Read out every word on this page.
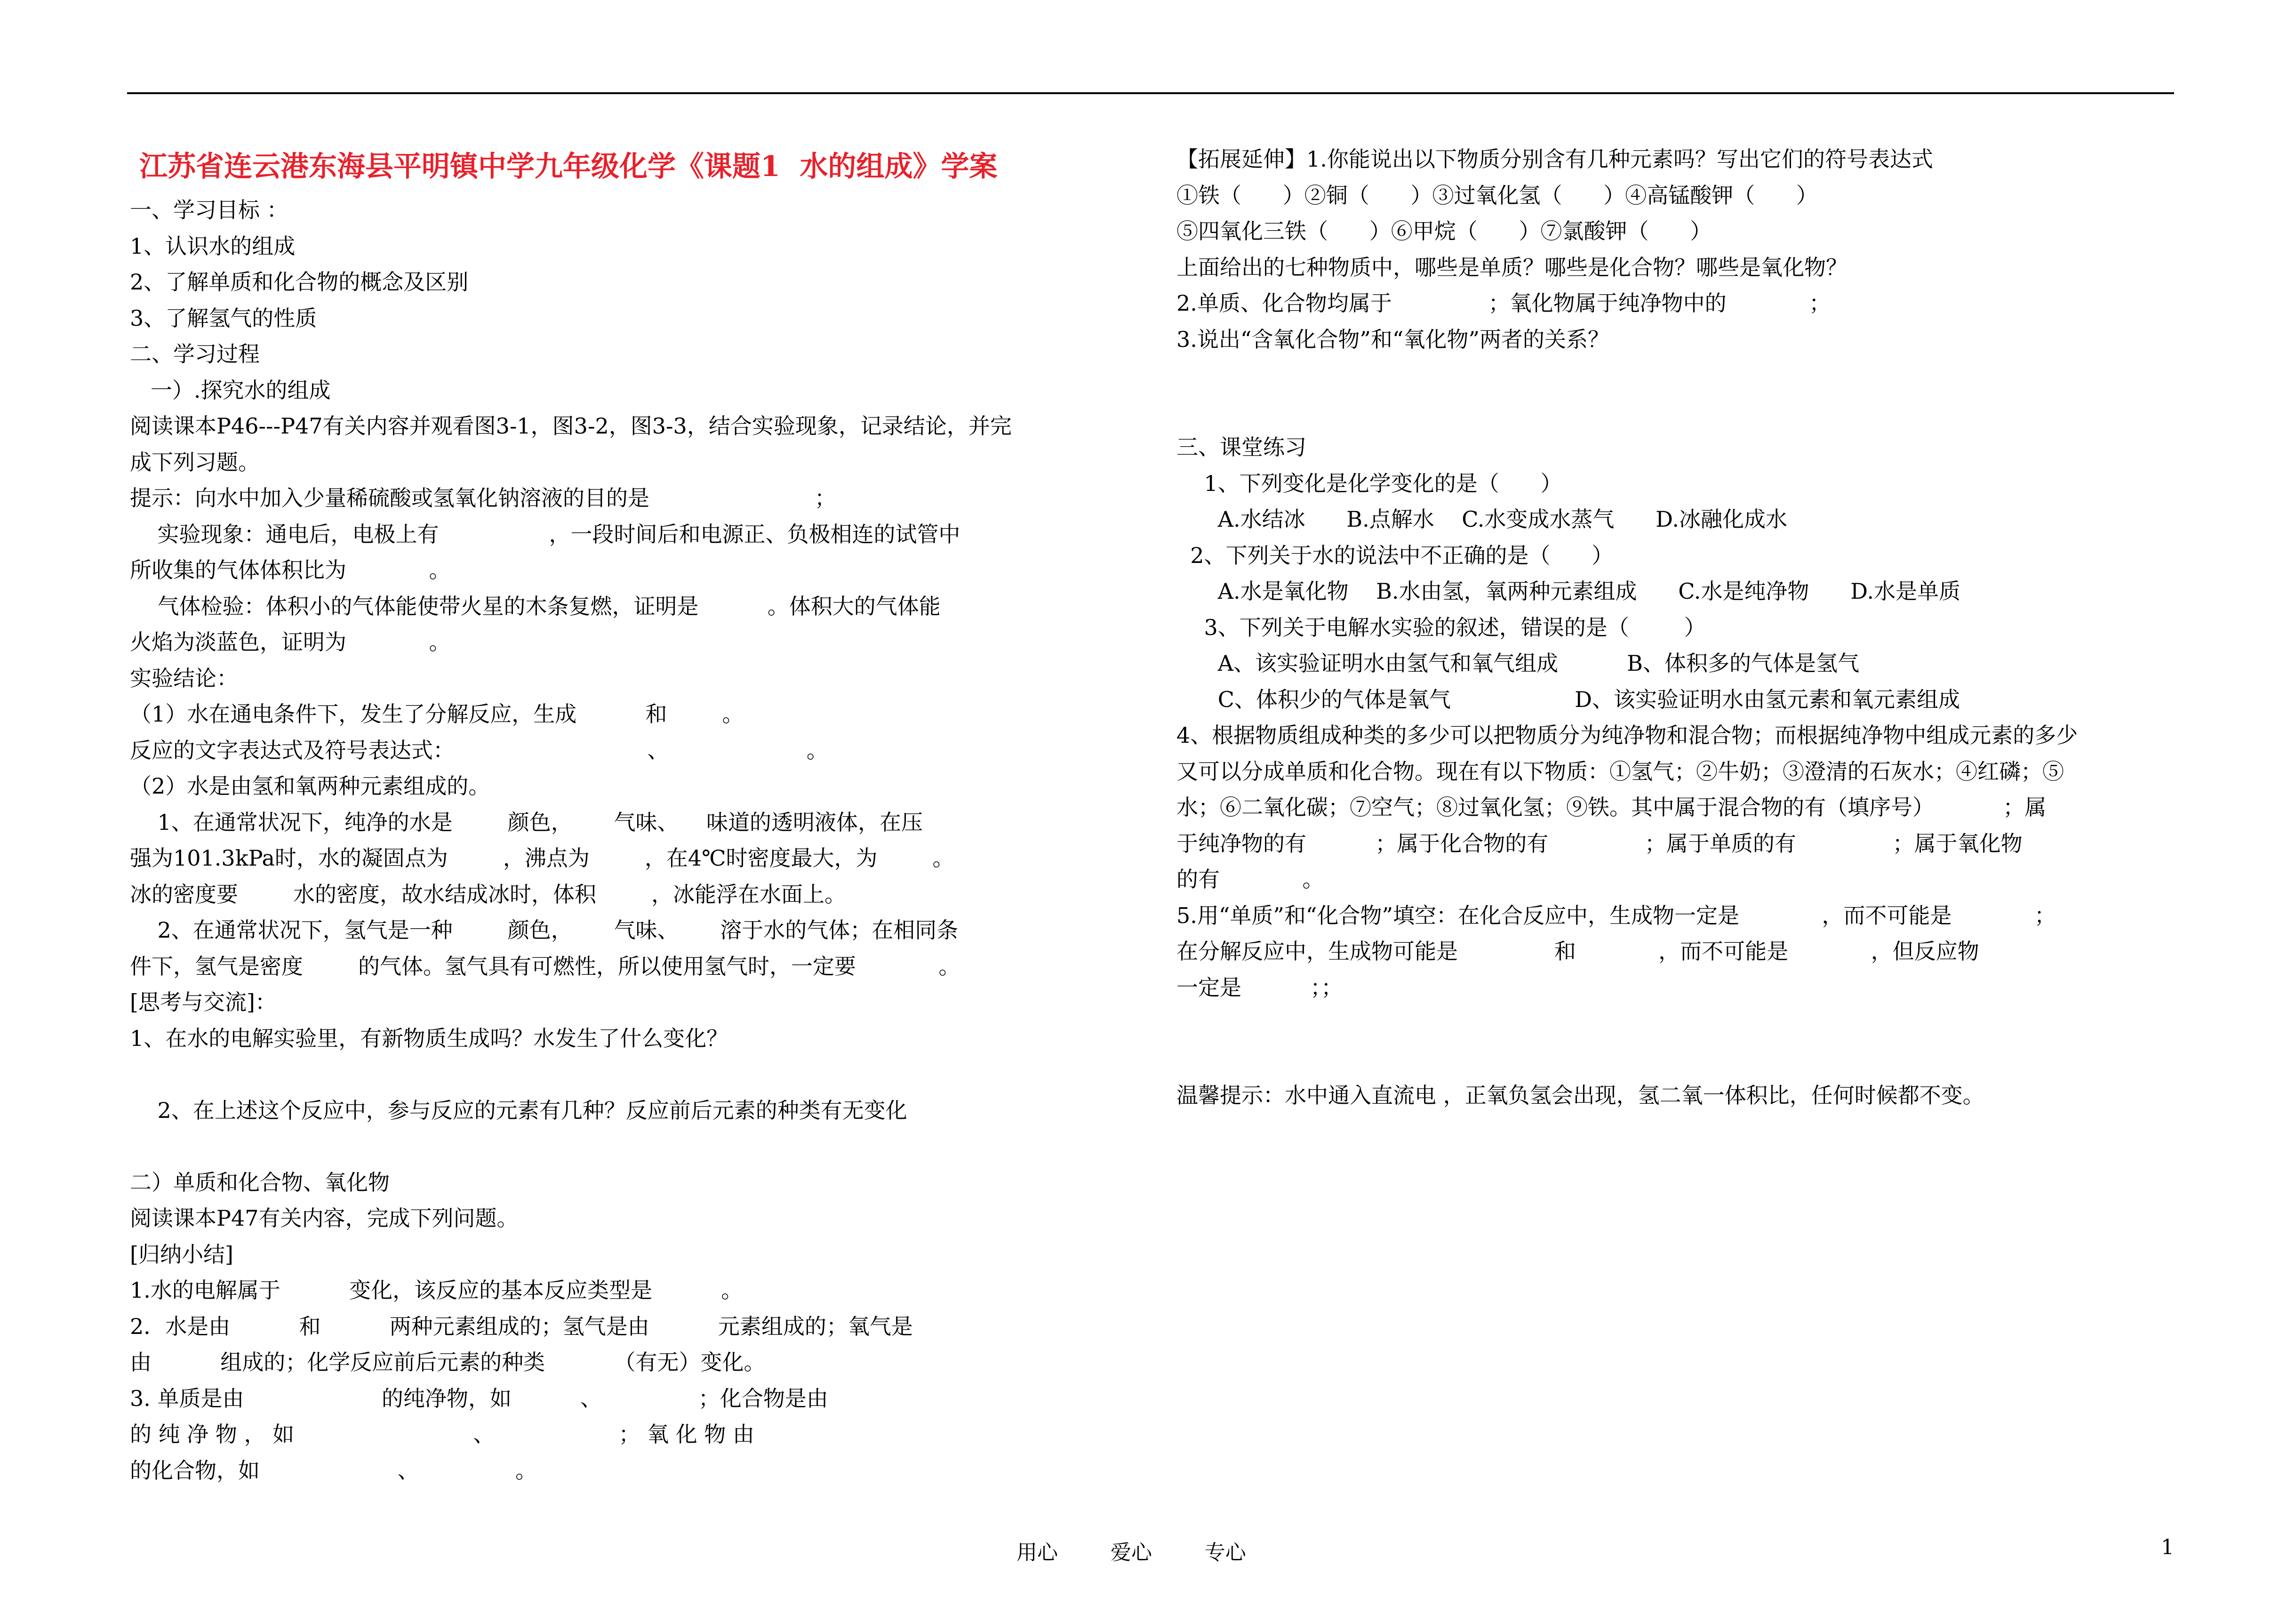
江苏省连云港东海县平明镇中学九年级化学《课题1  水的组成》学案
一、学习目标 ：
1、认识水的组成
2、了解单质和化合物的概念及区别
3、了解氢气的性质
二、学习过程
一）.探究水的组成
阅读课本P46---P47有关内容并观看图3-1，图3-2，图3-3，结合实验现象，记录结论，并完
成下列习题。
提示：向水中加入少量稀硫酸或氢氧化钠溶液的目的是                        ；
实验现象：通电后，电极上有                ，一段时间后和电源正、负极相连的试管中
所收集的气体体积比为            。
气体检验：体积小的气体能使带火星的木条复燃，证明是          。体积大的气体能
火焰为淡蓝色，证明为            。
实验结论：
（1）水在通电条件下，发生了分解反应，生成          和        。
反应的文字表达式及符号表达式：                            、                    。
（2）水是由氢和氧两种元素组成的。
1、在通常状况下，纯净的水是        颜色，      气味、    味道的透明液体，在压
强为101.3kPa时，水的凝固点为        ，沸点为        ，在4℃时密度最大，为        。
冰的密度要        水的密度，故水结成冰时，体积        ，冰能浮在水面上。
2、在通常状况下，氢气是一种        颜色，      气味、      溶于水的气体；在相同条
件下，氢气是密度        的气体。氢气具有可燃性，所以使用氢气时，一定要            。
[思考与交流]：
1、在水的电解实验里，有新物质生成吗？水发生了什么变化？
2、在上述这个反应中，参与反应的元素有几种？反应前后元素的种类有无变化
二）单质和化合物、氧化物
阅读课本P47有关内容，完成下列问题。
[归纳小结]
1.水的电解属于          变化，该反应的基本反应类型是          。
2．水是由          和          两种元素组成的；氢气是由          元素组成的；氧气是
由          组成的；化学反应前后元素的种类          （有无）变化。
3. 单质是由                    的纯净物，如          、              ；化合物是由
的 纯 净 物 ， 如                          、                  ； 氧 化 物 由
的化合物，如                    、              。
【拓展延伸】1.你能说出以下物质分别含有几种元素吗？写出它们的符号表达式
①铁（      ）②铜（      ）③过氧化氢（      ）④高锰酸钾（      ）
⑤四氧化三铁（      ）⑥甲烷（      ）⑦氯酸钾（      ）
上面给出的七种物质中，哪些是单质？哪些是化合物？哪些是氧化物？
2.单质、化合物均属于              ；氧化物属于纯净物中的            ；
3.说出“含氧化合物”和“氧化物”两者的关系？
三、课堂练习
1、下列变化是化学变化的是（      ）
A.水结冰      B.点解水    C.水变成水蒸气      D.冰融化成水
2、下列关于水的说法中不正确的是（      ）
A.水是氧化物    B.水由氢，氧两种元素组成      C.水是纯净物      D.水是单质
3、下列关于电解水实验的叙述，错误的是（        ）
A、该实验证明水由氢气和氧气组成          B、体积多的气体是氢气
C、体积少的气体是氧气                  D、该实验证明水由氢元素和氧元素组成
4、根据物质组成种类的多少可以把物质分为纯净物和混合物；而根据纯净物中组成元素的多少
又可以分成单质和化合物。现在有以下物质：①氢气；②牛奶；③澄清的石灰水；④红磷；⑤
水；⑥二氧化碳；⑦空气；⑧过氧化氢；⑨铁。其中属于混合物的有（填序号）          ；属
于纯净物的有          ；属于化合物的有              ；属于单质的有              ；属于氧化物
的有            。
5.用“单质”和“化合物”填空：在化合反应中，生成物一定是            ，而不可能是            ；
在分解反应中，生成物可能是              和            ，而不可能是            ，但反应物
一定是          ；；
温馨提示：水中通入直流电 ，正氧负氢会出现，氢二氧一体积比，任何时候都不变。
用心        爱心        专心	1
